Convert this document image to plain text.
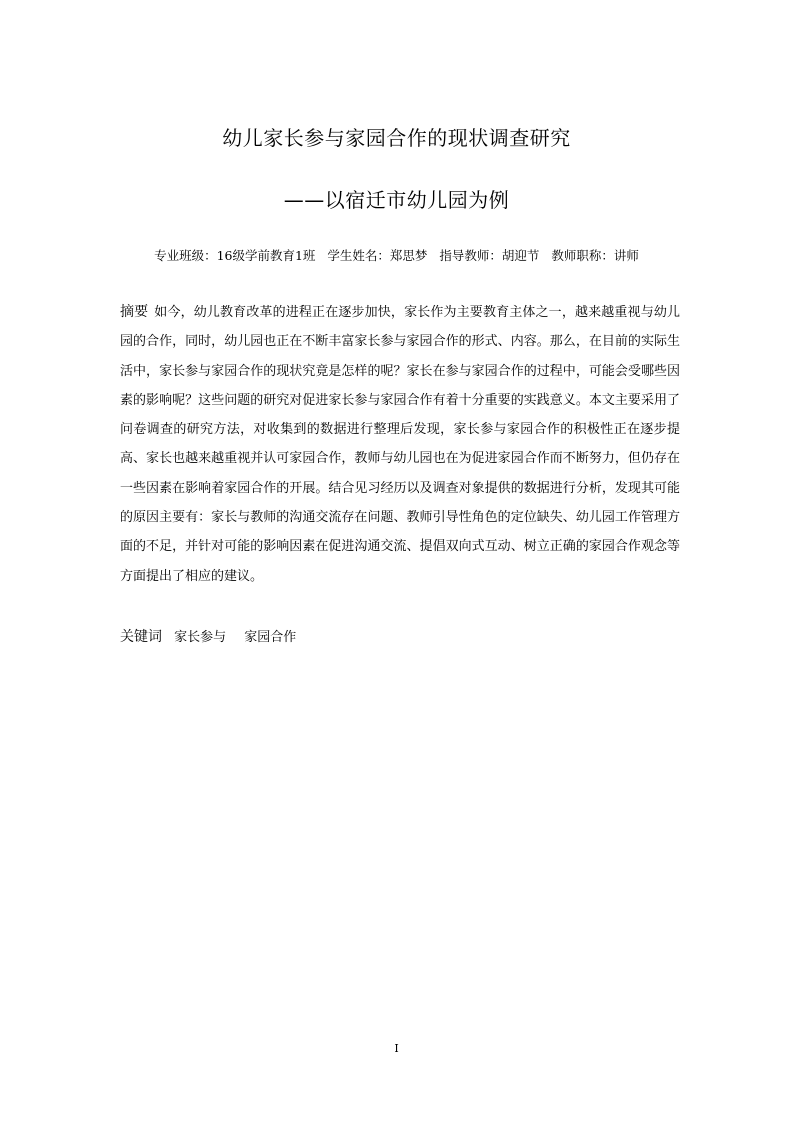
幼儿家长参与家园合作的现状调查研究
——以宿迁市幼儿园为例
专业班级：16级学前教育1班 学生姓名：郑思梦 指导教师：胡迎节 教师职称：讲师
摘要 如今，幼儿教育改革的进程正在逐步加快，家长作为主要教育主体之一，越来越重视与幼儿园的合作，同时，幼儿园也正在不断丰富家长参与家园合作的形式、内容。那么，在目前的实际生活中，家长参与家园合作的现状究竟是怎样的呢？家长在参与家园合作的过程中，可能会受哪些因素的影响呢？这些问题的研究对促进家长参与家园合作有着十分重要的实践意义。本文主要采用了问卷调查的研究方法，对收集到的数据进行整理后发现，家长参与家园合作的积极性正在逐步提高、家长也越来越重视并认可家园合作，教师与幼儿园也在为促进家园合作而不断努力，但仍存在一些因素在影响着家园合作的开展。结合见习经历以及调查对象提供的数据进行分析，发现其可能的原因主要有：家长与教师的沟通交流存在问题、教师引导性角色的定位缺失、幼儿园工作管理方面的不足，并针对可能的影响因素在促进沟通交流、提倡双向式互动、树立正确的家园合作观念等方面提出了相应的建议。
关键词 家长参与 家园合作
I
